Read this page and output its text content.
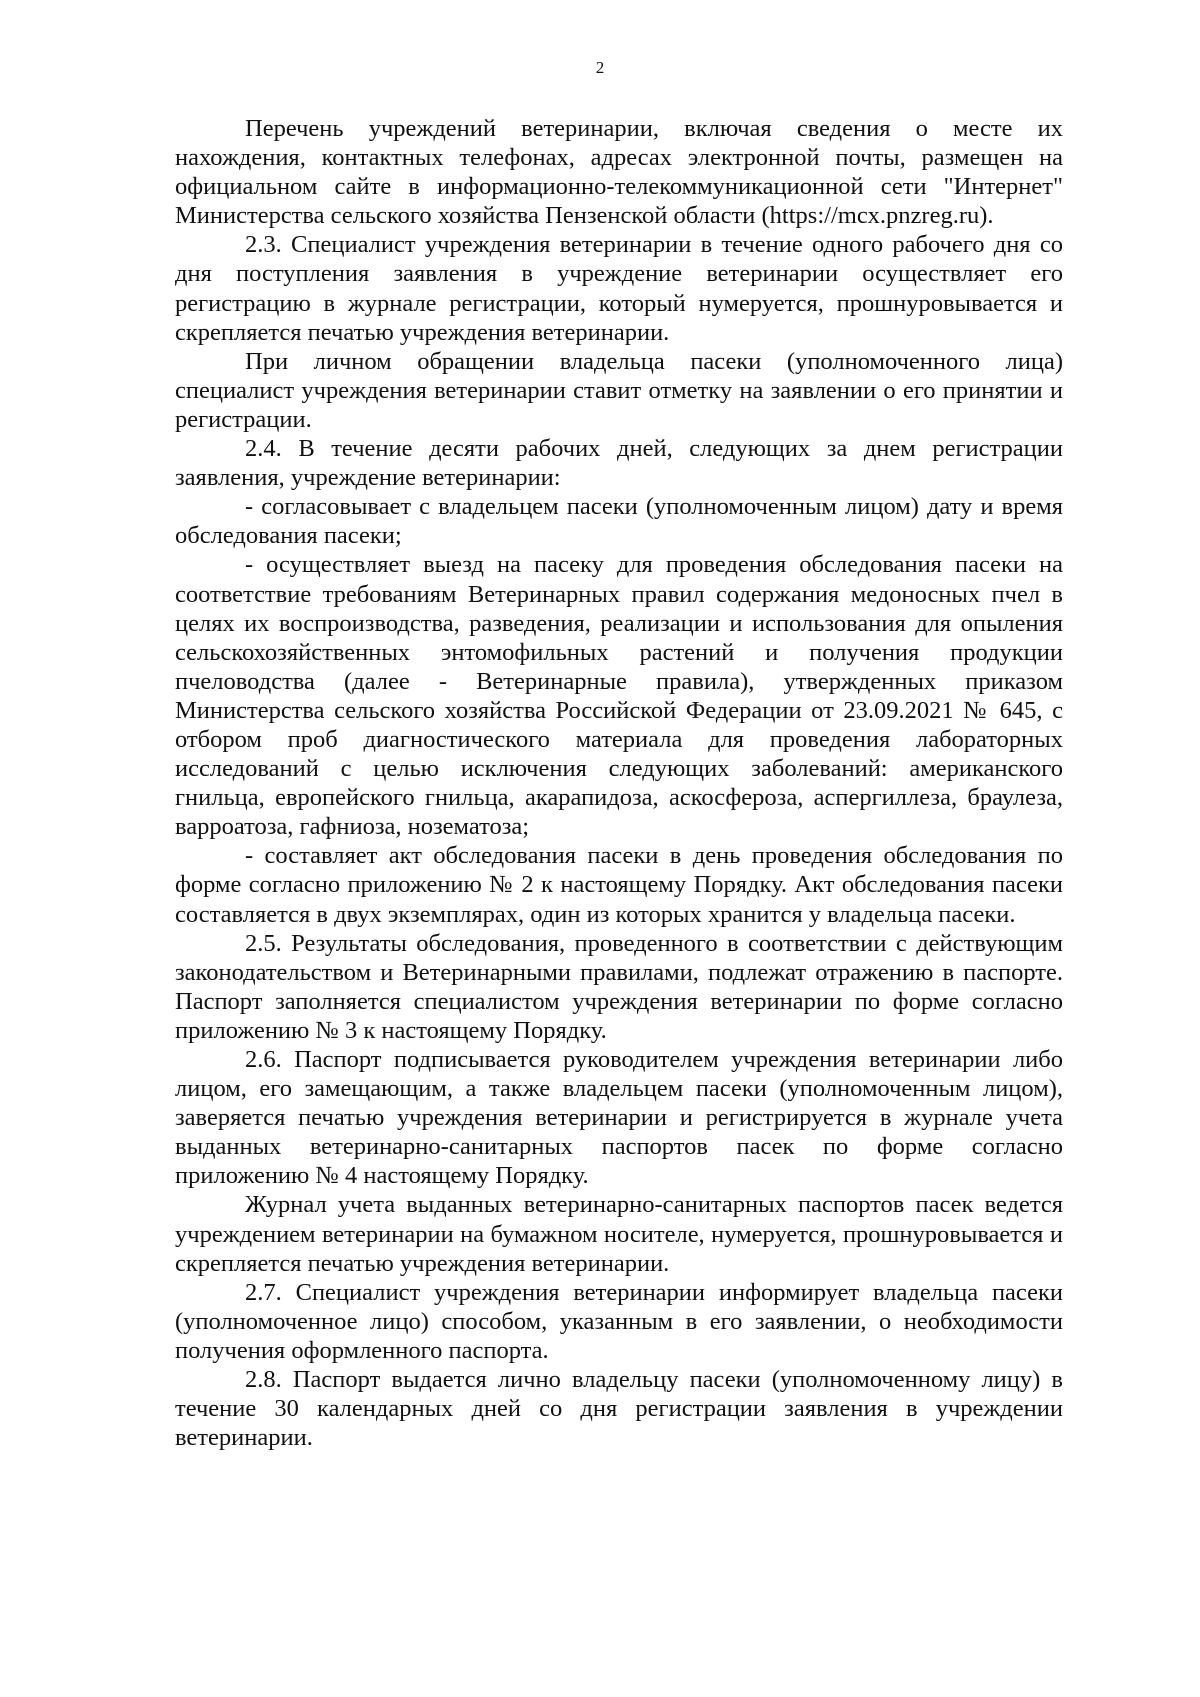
2

Перечень учреждений ветеринарии, включая сведения о месте их нахождения, контактных телефонах, адресах электронной почты, размещен на официальном сайте в информационно-телекоммуникационной сети "Интернет" Министерства сельского хозяйства Пензенской области (https://mcx.pnzreg.ru).

2.3. Специалист учреждения ветеринарии в течение одного рабочего дня со дня поступления заявления в учреждение ветеринарии осуществляет его регистрацию в журнале регистрации, который нумеруется, прошнуровывается и скрепляется печатью учреждения ветеринарии.

При личном обращении владельца пасеки (уполномоченного лица) специалист учреждения ветеринарии ставит отметку на заявлении о его принятии и регистрации.

2.4. В течение десяти рабочих дней, следующих за днем регистрации заявления, учреждение ветеринарии:

- согласовывает с владельцем пасеки (уполномоченным лицом) дату и время обследования пасеки;

- осуществляет выезд на пасеку для проведения обследования пасеки на соответствие требованиям Ветеринарных правил содержания медоносных пчел в целях их воспроизводства, разведения, реализации и использования для опыления сельскохозяйственных энтомофильных растений и получения продукции пчеловодства (далее - Ветеринарные правила), утвержденных приказом Министерства сельского хозяйства Российской Федерации от 23.09.2021 № 645, с отбором проб диагностического материала для проведения лабораторных исследований с целью исключения следующих заболеваний: американского гнильца, европейского гнильца, акарапидоза, аскосфероза, аспергиллеза, браулеза, варроатоза, гафниоза, нозематоза;

- составляет акт обследования пасеки в день проведения обследования по форме согласно приложению № 2 к настоящему Порядку. Акт обследования пасеки составляется в двух экземплярах, один из которых хранится у владельца пасеки.

2.5. Результаты обследования, проведенного в соответствии с действующим законодательством и Ветеринарными правилами, подлежат отражению в паспорте. Паспорт заполняется специалистом учреждения ветеринарии по форме согласно приложению № 3 к настоящему Порядку.

2.6. Паспорт подписывается руководителем учреждения ветеринарии либо лицом, его замещающим, а также владельцем пасеки (уполномоченным лицом), заверяется печатью учреждения ветеринарии и регистрируется в журнале учета выданных ветеринарно-санитарных паспортов пасек по форме согласно приложению № 4 настоящему Порядку.

Журнал учета выданных ветеринарно-санитарных паспортов пасек ведется учреждением ветеринарии на бумажном носителе, нумеруется, прошнуровывается и скрепляется печатью учреждения ветеринарии.

2.7. Специалист учреждения ветеринарии информирует владельца пасеки (уполномоченное лицо) способом, указанным в его заявлении, о необходимости получения оформленного паспорта.

2.8. Паспорт выдается лично владельцу пасеки (уполномоченному лицу) в течение 30 календарных дней со дня регистрации заявления в учреждении ветеринарии.
